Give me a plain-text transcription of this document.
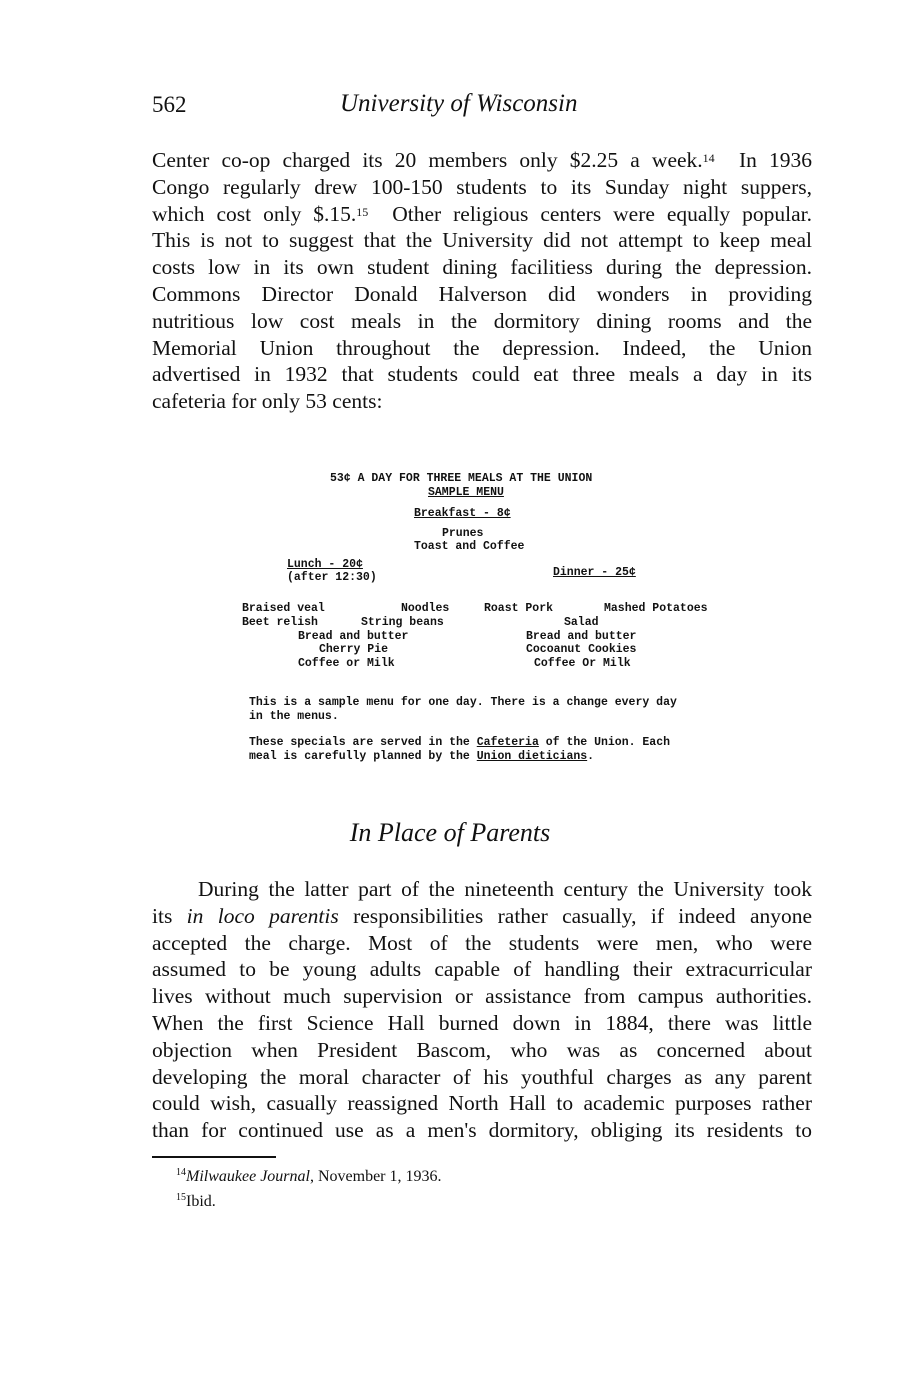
562	University of Wisconsin
Center co-op charged its 20 members only $2.25 a week.$^{14}$ In 1936
Congo regularly drew 100-150 students to its Sunday night suppers,
which cost only $.15.15 Other religious centers were equally popular.
This is not to suggest that the University did not attempt to keep meal
costs low in its own student dining facilitiess during the depression.
Commons Director Donald Halverson did wonders in providing
nutritious low cost meals in the dormitory dining rooms and the
Memorial Union throughout the depression. Indeed, the Union
advertised in 1932 that students could eat three meals a day in its
cafeteria for only 53 cents:
53¢ A DAY FOR THREE MEALS AT THE UNION
SAMPLE MENU
Breakfast - 8¢
Prunes
Toast and Coffee
Lunch - 20¢
(after 12:30)	Dinner - 25¢
Braised veal	Noodles
Beet relish	String beans
Bread and butter
Cherry Pie
Coffee or Milk
Roast Pork	Mashed Potatoes
Salad
Bread and butter
Cocoanut Cookies
Coffee Or Milk
This is a sample menu for one day. There is a change every day
in the menus.
These specials are served in the Cafeteria of the Union. Each
meal is carefully planned by the Union dieticians.
In Place of Parents
During the latter part of the nineteenth century the University took
its in loco parentis responsibilities rather casually, if indeed anyone
accepted the charge. Most of the students were men, who were
assumed to be young adults capable of handling their extracurricular
lives without much supervision or assistance from campus authorities.
When the first Science Hall burned down in 1884, there was little
objection when President Bascom, who was as concerned about
developing the moral character of his youthful charges as any parent
could wish, casually reassigned North Hall to academic purposes rather
than for continued use as a men's dormitory, obliging its residents to
$^{14}$Milwaukee Journal, November 1, 1936.
$^{15}$Ibid.
